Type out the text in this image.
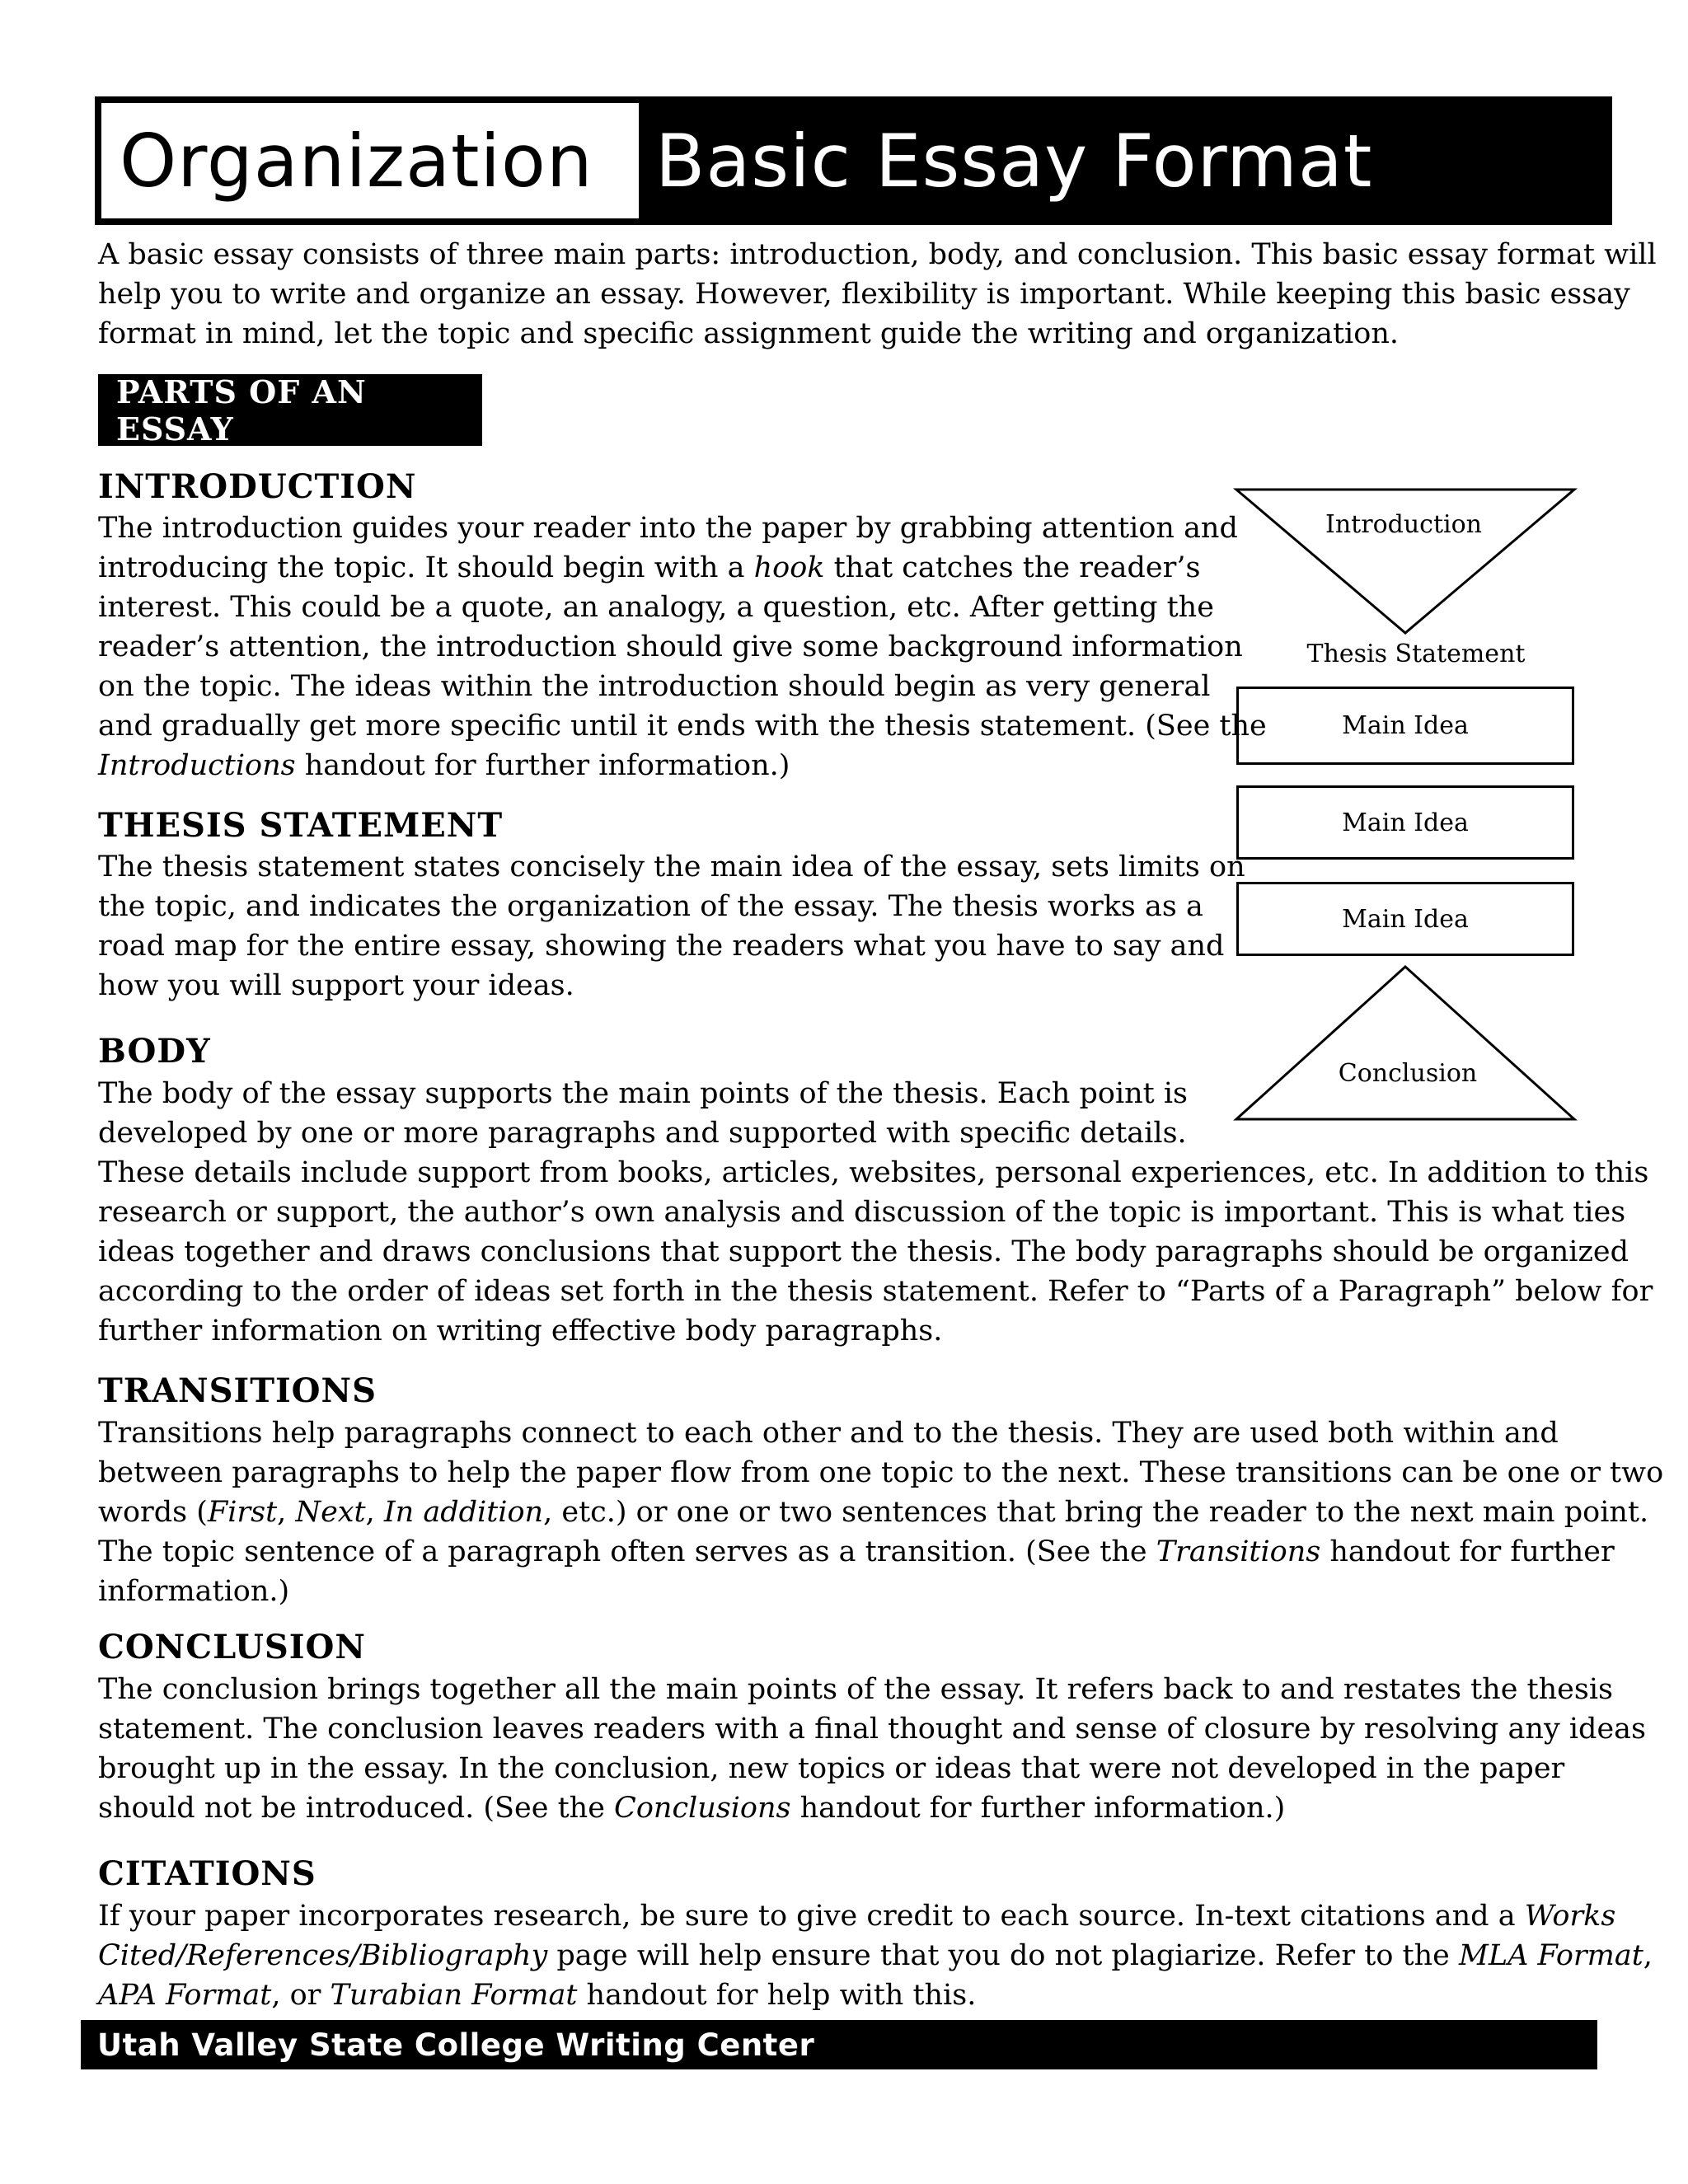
Organization Basic Essay Format
A basic essay consists of three main parts: introduction, body, and conclusion. This basic essay format will
help you to write and organize an essay. However, flexibility is important. While keeping this basic essay
format in mind, let the topic and specific assignment guide the writing and organization.
PARTS OF AN ESSAY
INTRODUCTION
The introduction guides your reader into the paper by grabbing attention and
introducing the topic. It should begin with a hook that catches the reader’s
interest. This could be a quote, an analogy, a question, etc. After getting the
reader’s attention, the introduction should give some background information
on the topic. The ideas within the introduction should begin as very general
and gradually get more specific until it ends with the thesis statement. (See the
Introductions handout for further information.)
THESIS STATEMENT
The thesis statement states concisely the main idea of the essay, sets limits on
the topic, and indicates the organization of the essay. The thesis works as a
road map for the entire essay, showing the readers what you have to say and
how you will support your ideas.
BODY
The body of the essay supports the main points of the thesis. Each point is
developed by one or more paragraphs and supported with specific details.
These details include support from books, articles, websites, personal experiences, etc. In addition to this
research or support, the author’s own analysis and discussion of the topic is important. This is what ties
ideas together and draws conclusions that support the thesis. The body paragraphs should be organized
according to the order of ideas set forth in the thesis statement. Refer to “Parts of a Paragraph” below for
further information on writing effective body paragraphs.
TRANSITIONS
Transitions help paragraphs connect to each other and to the thesis. They are used both within and
between paragraphs to help the paper flow from one topic to the next. These transitions can be one or two
words (First, Next, In addition, etc.) or one or two sentences that bring the reader to the next main point.
The topic sentence of a paragraph often serves as a transition. (See the Transitions handout for further
information.)
CONCLUSION
The conclusion brings together all the main points of the essay. It refers back to and restates the thesis
statement. The conclusion leaves readers with a final thought and sense of closure by resolving any ideas
brought up in the essay. In the conclusion, new topics or ideas that were not developed in the paper
should not be introduced. (See the Conclusions handout for further information.)
CITATIONS
If your paper incorporates research, be sure to give credit to each source. In-text citations and a Works
Cited/References/Bibliography page will help ensure that you do not plagiarize. Refer to the MLA Format,
APA Format, or Turabian Format handout for help with this.
Introduction
Thesis Statement
Main Idea
Main Idea
Main Idea
Conclusion
Utah Valley State College Writing Center
